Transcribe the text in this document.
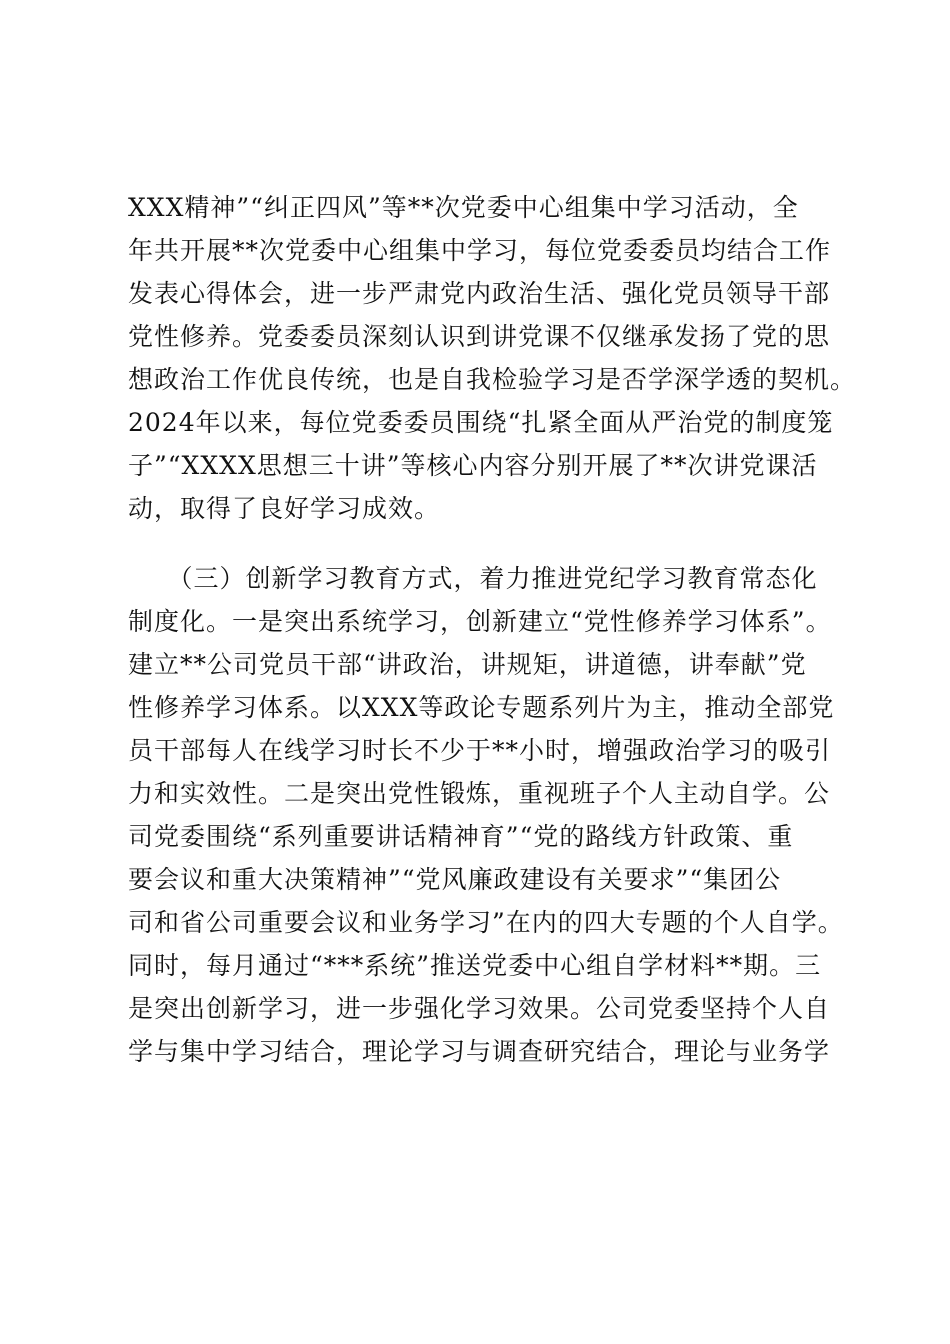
XXX精神”“纠正四风”等**次党委中心组集中学习活动，全
年共开展**次党委中心组集中学习，每位党委委员均结合工作
发表心得体会，进一步严肃党内政治生活、强化党员领导干部
党性修养。党委委员深刻认识到讲党课不仅继承发扬了党的思
想政治工作优良传统，也是自我检验学习是否学深学透的契机。
2024年以来，每位党委委员围绕“扎紧全面从严治党的制度笼
子”“XXXX思想三十讲”等核心内容分别开展了**次讲党课活
动，取得了良好学习成效。
　　（三）创新学习教育方式，着力推进党纪学习教育常态化
制度化。一是突出系统学习，创新建立“党性修养学习体系”。
建立**公司党员干部“讲政治，讲规矩，讲道德，讲奉献”党
性修养学习体系。以XXX等政论专题系列片为主，推动全部党
员干部每人在线学习时长不少于**小时，增强政治学习的吸引
力和实效性。二是突出党性锻炼，重视班子个人主动自学。公
司党委围绕“系列重要讲话精神育”“党的路线方针政策、重
要会议和重大决策精神”“党风廉政建设有关要求”“集团公
司和省公司重要会议和业务学习”在内的四大专题的个人自学。
同时，每月通过“***系统”推送党委中心组自学材料**期。三
是突出创新学习，进一步强化学习效果。公司党委坚持个人自
学与集中学习结合，理论学习与调查研究结合，理论与业务学
